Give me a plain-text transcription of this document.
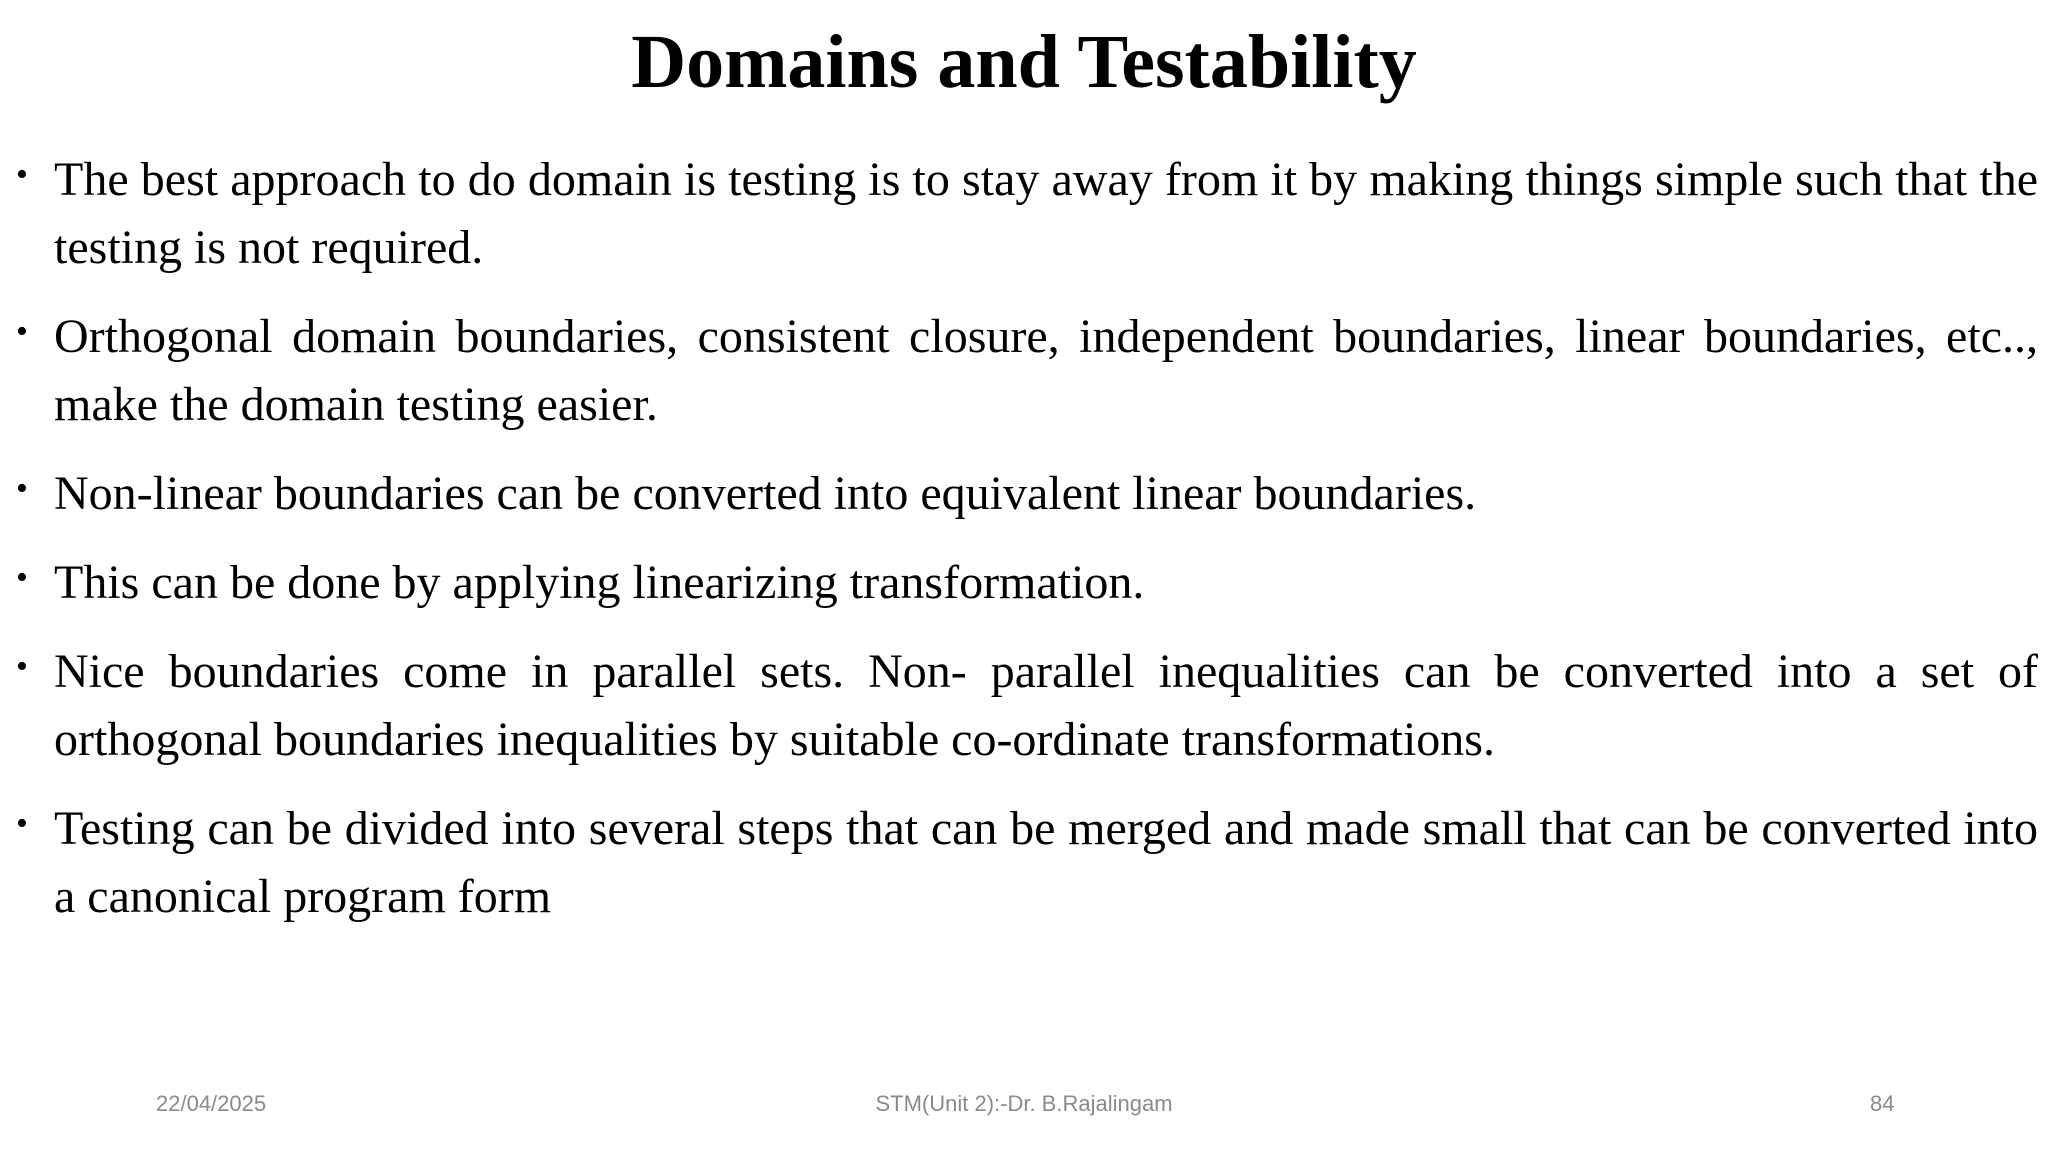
Domains and Testability
• The best approach to do domain is testing is to stay away from it by making things simple such that the testing is not required.
• Orthogonal domain boundaries, consistent closure, independent boundaries, linear boundaries, etc.., make the domain testing easier.
• Non-linear boundaries can be converted into equivalent linear boundaries.
• This can be done by applying linearizing transformation.
• Nice boundaries come in parallel sets. Non- parallel inequalities can be converted into a set of orthogonal boundaries inequalities by suitable co-ordinate transformations.
• Testing can be divided into several steps that can be merged and made small that can be converted into a canonical program form
22/04/2025	STM(Unit 2):-Dr. B.Rajalingam	84
